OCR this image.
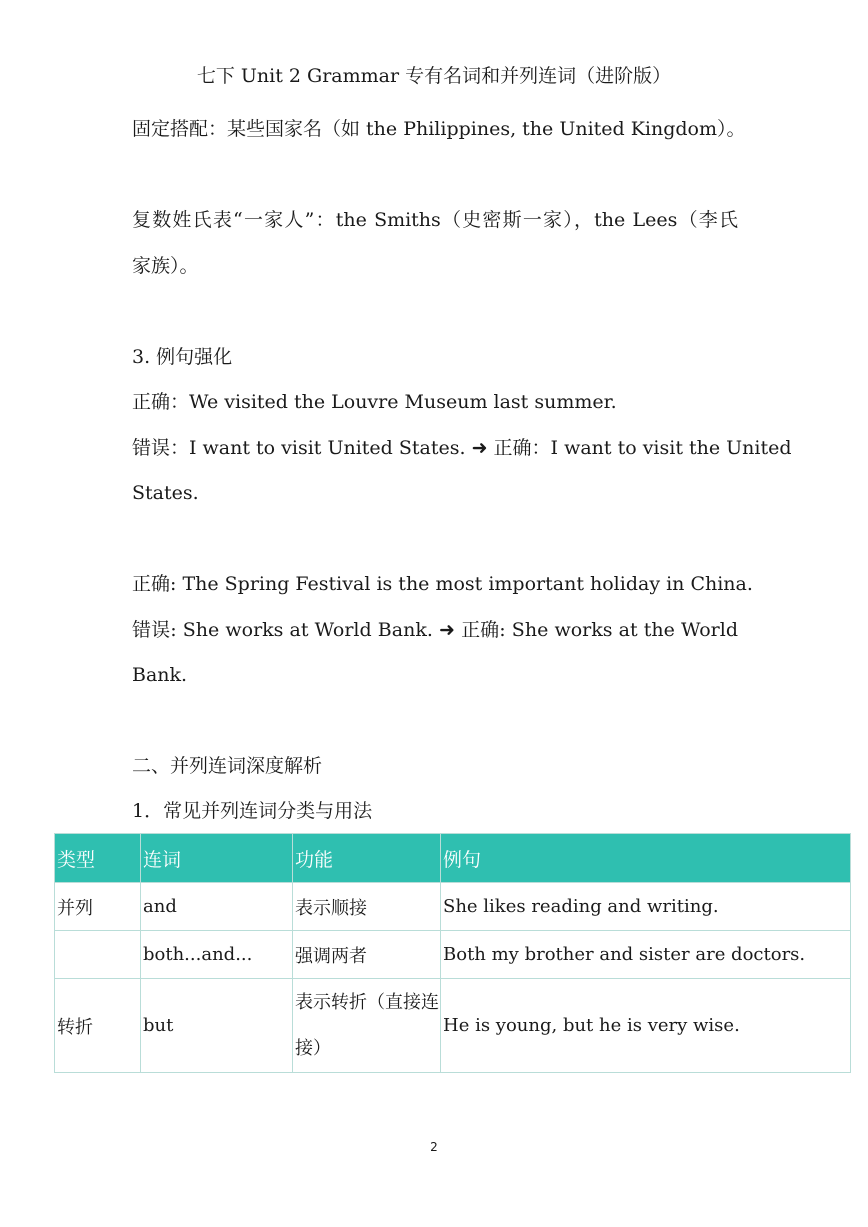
七下 Unit 2 Grammar 专有名词和并列连词（进阶版）
固定搭配：某些国家名（如 the Philippines, the United Kingdom）。
复数姓氏表“一家人”：the Smiths（史密斯一家），the Lees（李氏
家族）。
3. 例句强化
正确：We visited the Louvre Museum last summer.
错误：I want to visit United States. ➜ 正确：I want to visit the United
States.
正确: The Spring Festival is the most important holiday in China.
错误: She works at World Bank. ➜ 正确: She works at the World
Bank.
二、并列连词深度解析
1．常见并列连词分类与用法
类型	连词	功能	例句
并列	and	表示顺接	She likes reading and writing.
	both...and...	强调两者	Both my brother and sister are doctors.
转折	but	表示转折（直接连接）	He is young, but he is very wise.
2
